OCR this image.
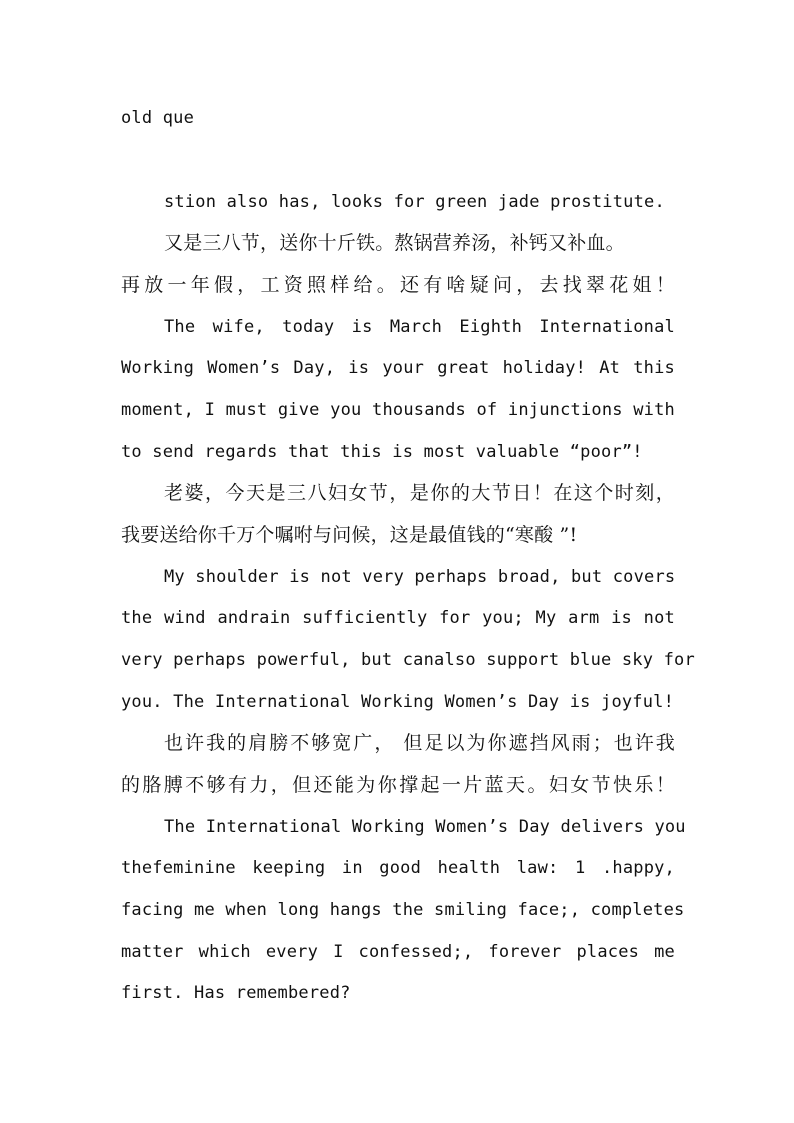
old que
stion also has, looks for green jade prostitute.
又是三八节，送你十斤铁。熬锅营养汤，补钙又补血。
再放一年假，工资照样给。还有啥疑问，去找翠花姐！
The wife, today is March Eighth International
Working Women’s Day, is your great holiday! At this
moment, I must give you thousands of injunctions with
to send regards that this is most valuable “poor”!
老婆，今天是三八妇女节，是你的大节日！在这个时刻，
我要送给你千万个嘱咐与问候，这是最值钱的“寒酸 ”!
My shoulder is not very perhaps broad, but covers
the wind andrain sufficiently for you; My arm is not
very perhaps powerful, but canalso support blue sky for
you. The International Working Women’s Day is joyful!
也许我的肩膀不够宽广， 但足以为你遮挡风雨；也许我
的胳膊不够有力，但还能为你撑起一片蓝天。妇女节快乐！
The International Working Women’s Day delivers you
thefeminine keeping in good health law: 1 .happy,
facing me when long hangs the smiling face;, completes
matter which every I confessed;, forever places me
first. Has remembered?
